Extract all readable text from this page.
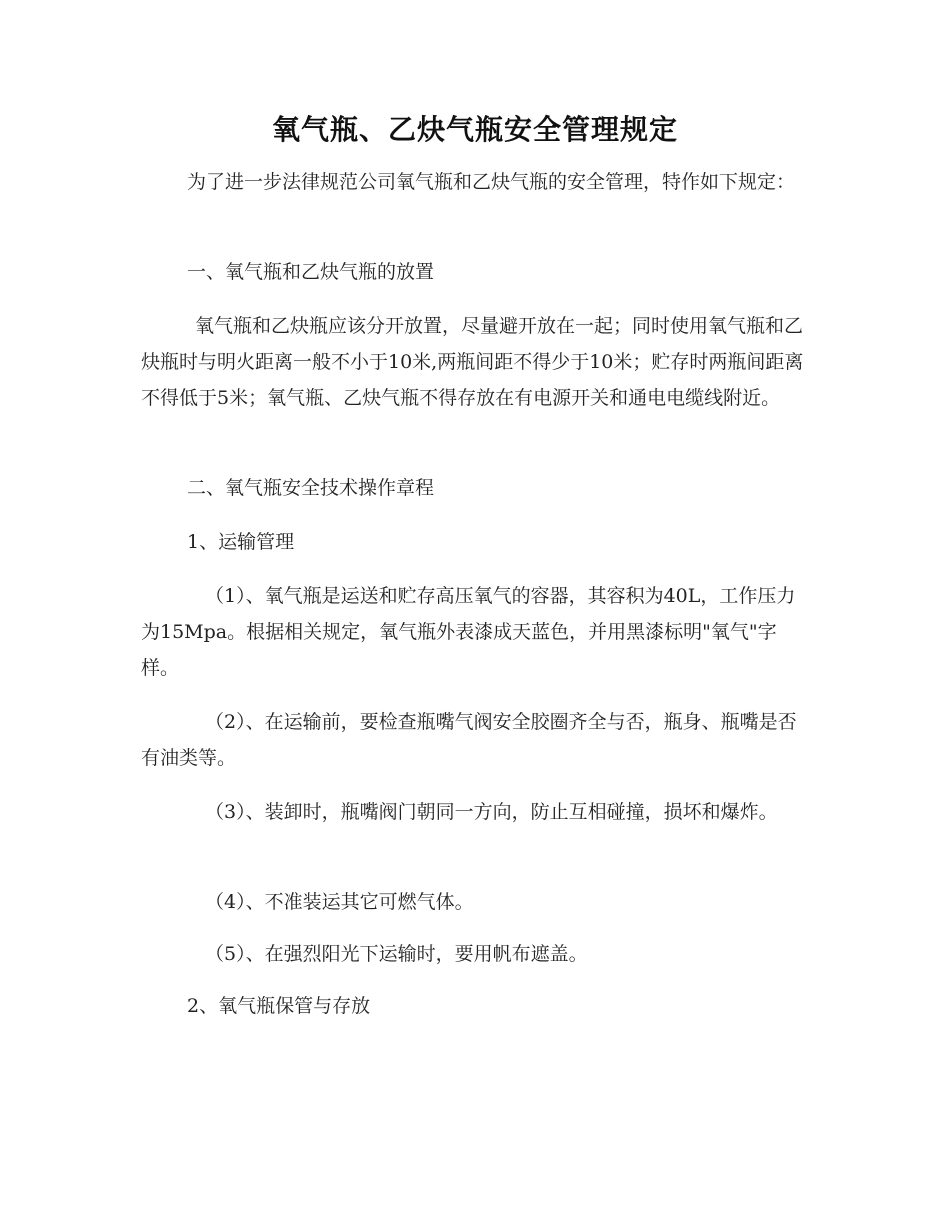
氧气瓶、乙炔气瓶安全管理规定

为了进一步法律规范公司氧气瓶和乙炔气瓶的安全管理，特作如下规定：

一、氧气瓶和乙炔气瓶的放置

氧气瓶和乙炔瓶应该分开放置，尽量避开放在一起；同时使用氧气瓶和乙炔瓶时与明火距离一般不小于10米,两瓶间距不得少于10米；贮存时两瓶间距离不得低于5米；氧气瓶、乙炔气瓶不得存放在有电源开关和通电电缆线附近。

二、氧气瓶安全技术操作章程

1、运输管理

（1）、氧气瓶是运送和贮存高压氧气的容器，其容积为40L，工作压力为15Mpa。根据相关规定，氧气瓶外表漆成天蓝色，并用黑漆标明"氧气"字样。

（2）、在运输前，要检查瓶嘴气阀安全胶圈齐全与否，瓶身、瓶嘴是否有油类等。

（3）、装卸时，瓶嘴阀门朝同一方向，防止互相碰撞，损坏和爆炸。

（4）、不准装运其它可燃气体。

（5）、在强烈阳光下运输时，要用帆布遮盖。

2、氧气瓶保管与存放
